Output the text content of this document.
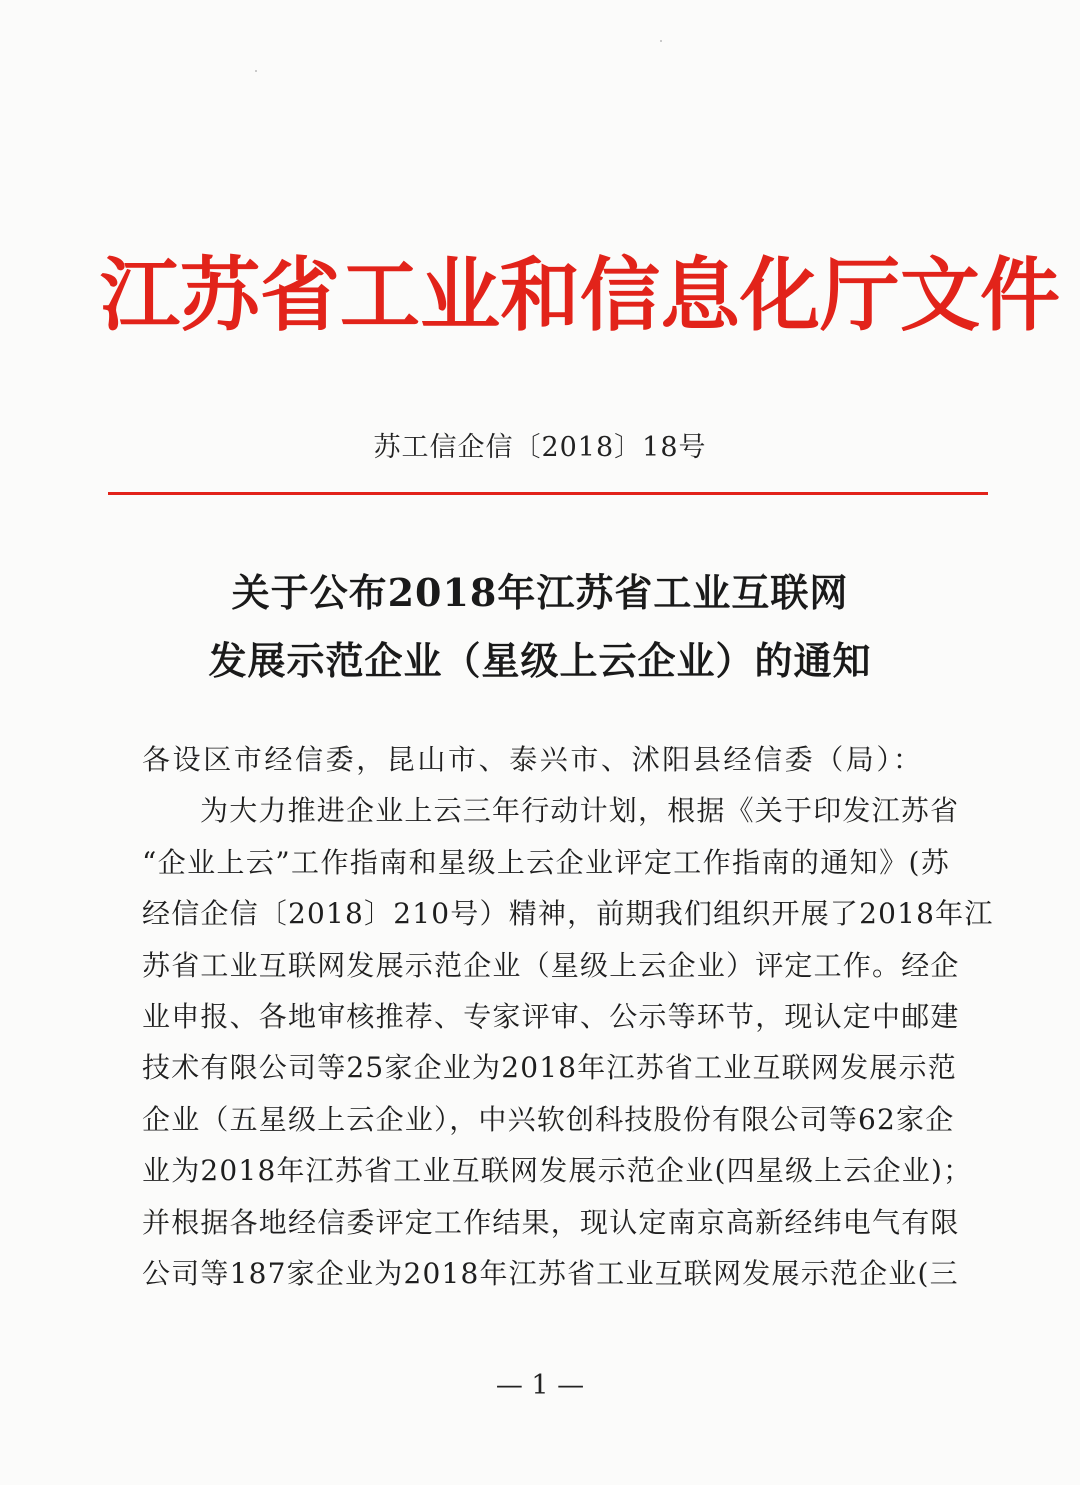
江苏省工业和信息化厅文件
苏工信企信〔2018〕18号
关于公布2018年江苏省工业互联网
发展示范企业（星级上云企业）的通知
各设区市经信委，昆山市、泰兴市、沭阳县经信委（局）：
为大力推进企业上云三年行动计划，根据《关于印发江苏省
“企业上云”工作指南和星级上云企业评定工作指南的通知》(苏
经信企信〔2018〕210号）精神，前期我们组织开展了2018年江
苏省工业互联网发展示范企业（星级上云企业）评定工作。经企
业申报、各地审核推荐、专家评审、公示等环节，现认定中邮建
技术有限公司等25家企业为2018年江苏省工业互联网发展示范
企业（五星级上云企业），中兴软创科技股份有限公司等62家企
业为2018年江苏省工业互联网发展示范企业(四星级上云企业)；
并根据各地经信委评定工作结果，现认定南京高新经纬电气有限
公司等187家企业为2018年江苏省工业互联网发展示范企业(三
— 1 —
